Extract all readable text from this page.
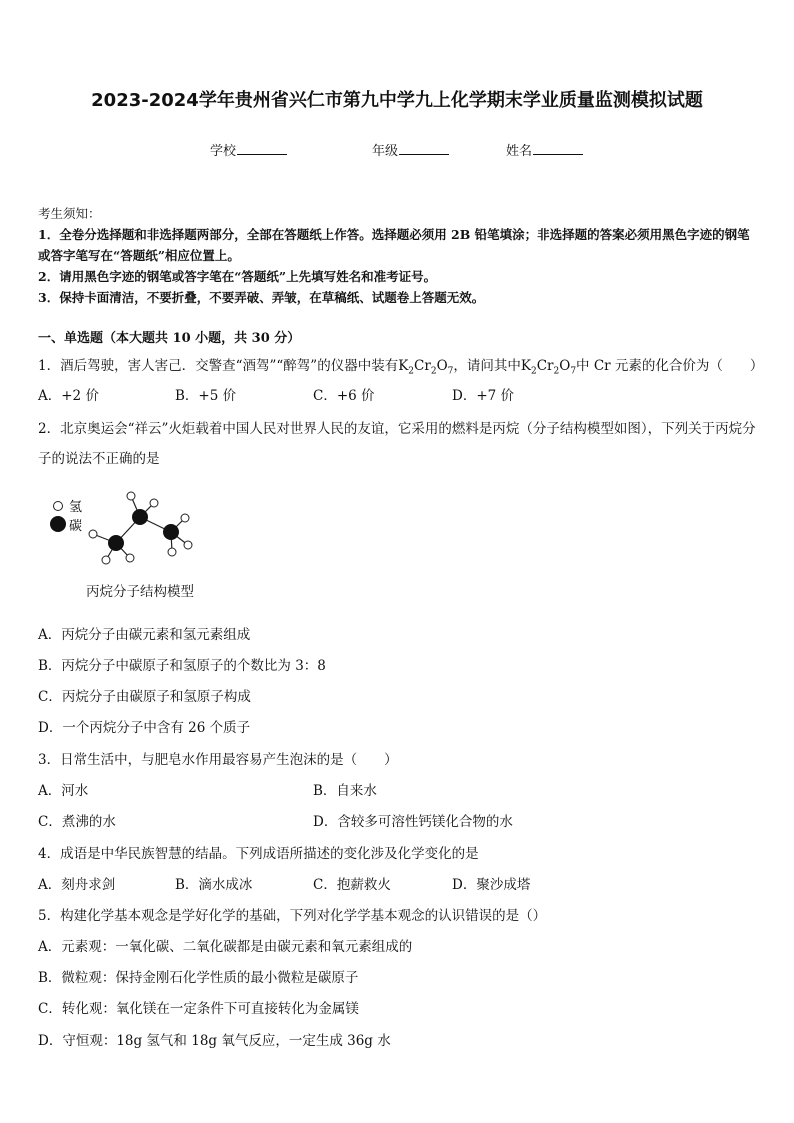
2023-2024学年贵州省兴仁市第九中学九上化学期末学业质量监测模拟试题
学校	年级	姓名
考生须知：
1．全卷分选择题和非选择题两部分，全部在答题纸上作答。选择题必须用 2B 铅笔填涂；非选择题的答案必须用黑色字迹的钢笔或答字笔写在“答题纸”相应位置上。
2．请用黑色字迹的钢笔或答字笔在“答题纸”上先填写姓名和准考证号。
3．保持卡面清洁，不要折叠，不要弄破、弄皱，在草稿纸、试题卷上答题无效。
一、单选题（本大题共 10 小题，共 30 分）
1．酒后驾驶，害人害己．交警查“酒驾”“醉驾”的仪器中装有$K_2Cr_2O_7$，请问其中$K_2Cr_2O_7$中 Cr 元素的化合价为（　　）
A．+2 价	B．+5 价	C．+6 价	D．+7 价
2．北京奥运会“祥云”火炬载着中国人民对世界人民的友谊，它采用的燃料是丙烷（分子结构模型如图），下列关于丙烷分子的说法不正确的是
氢
碳
丙烷分子结构模型
A．丙烷分子由碳元素和氢元素组成
B．丙烷分子中碳原子和氢原子的个数比为 3：8
C．丙烷分子由碳原子和氢原子构成
D．一个丙烷分子中含有 26 个质子
3．日常生活中，与肥皂水作用最容易产生泡沫的是（　　）
A．河水	B．自来水
C．煮沸的水	D．含较多可溶性钙镁化合物的水
4．成语是中华民族智慧的结晶。下列成语所描述的变化涉及化学变化的是
A．刻舟求剑	B．滴水成冰	C．抱薪救火	D．聚沙成塔
5．构建化学基本观念是学好化学的基础，下列对化学学基本观念的认识错误的是（）
A．元素观：一氧化碳、二氧化碳都是由碳元素和氧元素组成的
B．微粒观：保持金刚石化学性质的最小微粒是碳原子
C．转化观：氧化镁在一定条件下可直接转化为金属镁
D．守恒观：18g 氢气和 18g 氧气反应，一定生成 36g 水
